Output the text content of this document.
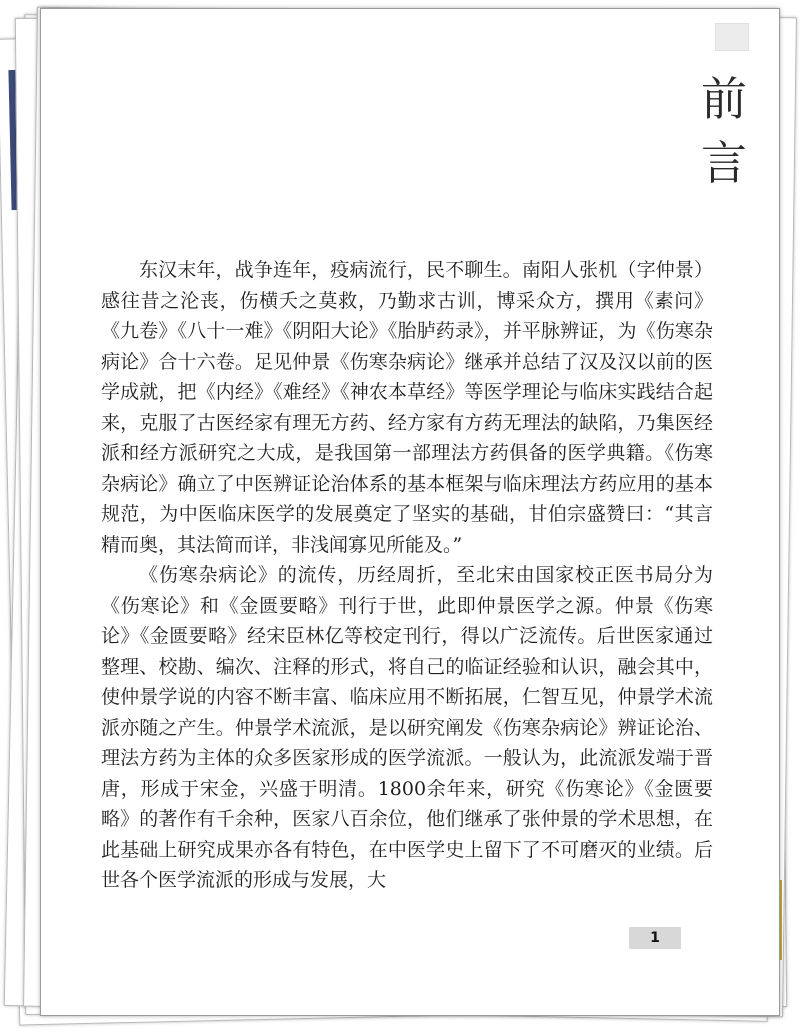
前
言

东汉末年，战争连年，疫病流行，民不聊生。南阳人张机（字仲景）感往昔之沦丧，伤横夭之莫救，乃勤求古训，博采众方，撰用《素问》《九卷》《八十一难》《阴阳大论》《胎胪药录》，并平脉辨证，为《伤寒杂病论》合十六卷。足见仲景《伤寒杂病论》继承并总结了汉及汉以前的医学成就，把《内经》《难经》《神农本草经》等医学理论与临床实践结合起来，克服了古医经家有理无方药、经方家有方药无理法的缺陷，乃集医经派和经方派研究之大成，是我国第一部理法方药俱备的医学典籍。《伤寒杂病论》确立了中医辨证论治体系的基本框架与临床理法方药应用的基本规范，为中医临床医学的发展奠定了坚实的基础，甘伯宗盛赞曰：“其言精而奥，其法简而详，非浅闻寡见所能及。”

《伤寒杂病论》的流传，历经周折，至北宋由国家校正医书局分为《伤寒论》和《金匮要略》刊行于世，此即仲景医学之源。仲景《伤寒论》《金匮要略》经宋臣林亿等校定刊行，得以广泛流传。后世医家通过整理、校勘、编次、注释的形式，将自己的临证经验和认识，融会其中，使仲景学说的内容不断丰富、临床应用不断拓展，仁智互见，仲景学术流派亦随之产生。仲景学术流派，是以研究阐发《伤寒杂病论》辨证论治、理法方药为主体的众多医家形成的医学流派。一般认为，此流派发端于晋唐，形成于宋金，兴盛于明清。1800余年来，研究《伤寒论》《金匮要略》的著作有千余种，医家八百余位，他们继承了张仲景的学术思想，在此基础上研究成果亦各有特色，在中医学史上留下了不可磨灭的业绩。后世各个医学流派的形成与发展，大

1
